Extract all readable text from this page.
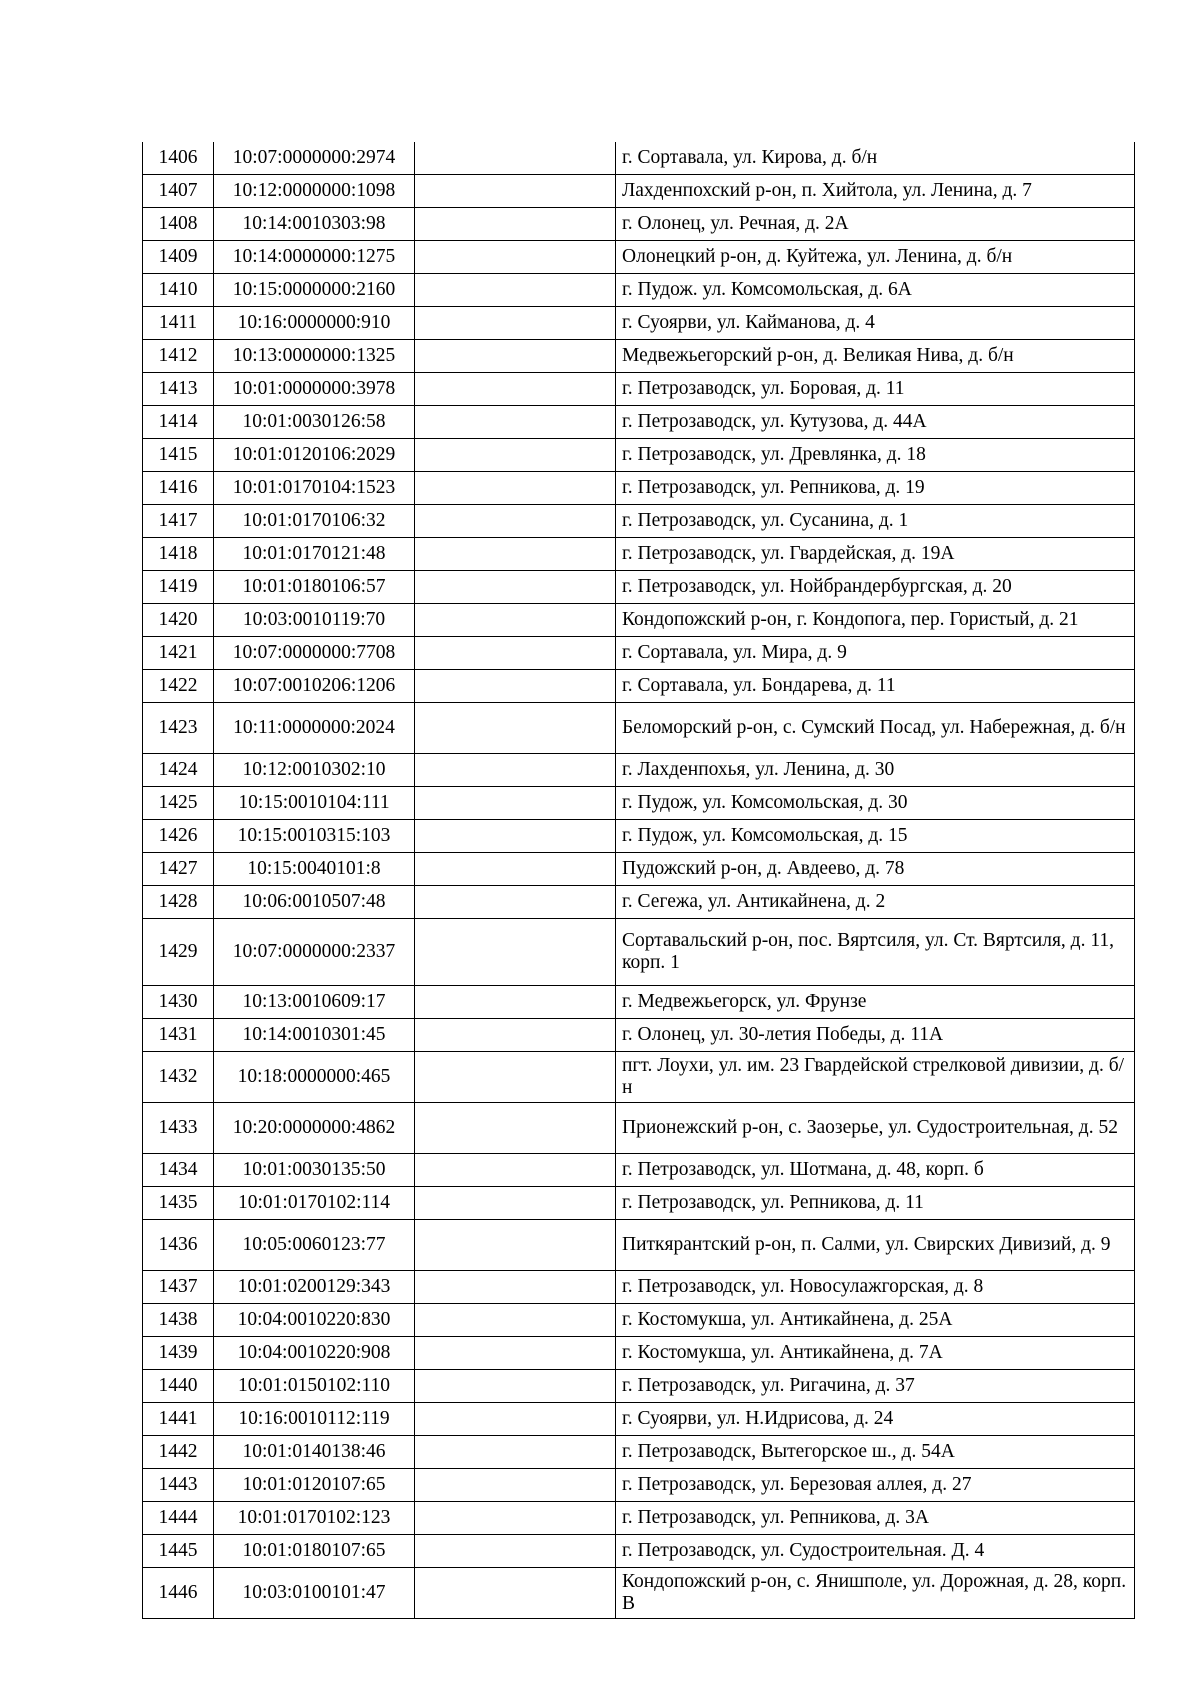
1406	10:07:0000000:2974		г. Сортавала, ул. Кирова, д. б/н
1407	10:12:0000000:1098		Лахденпохский р-он, п. Хийтола, ул. Ленина, д. 7
1408	10:14:0010303:98		г. Олонец, ул. Речная, д. 2А
1409	10:14:0000000:1275		Олонецкий р-он, д. Куйтежа, ул. Ленина, д. б/н
1410	10:15:0000000:2160		г. Пудож. ул. Комсомольская, д. 6А
1411	10:16:0000000:910		г. Суоярви, ул. Кайманова, д. 4
1412	10:13:0000000:1325		Медвежьегорский р-он, д. Великая Нива, д. б/н
1413	10:01:0000000:3978		г. Петрозаводск, ул. Боровая, д. 11
1414	10:01:0030126:58		г. Петрозаводск, ул. Кутузова, д. 44А
1415	10:01:0120106:2029		г. Петрозаводск, ул. Древлянка, д. 18
1416	10:01:0170104:1523		г. Петрозаводск, ул. Репникова, д. 19
1417	10:01:0170106:32		г. Петрозаводск, ул. Сусанина, д. 1
1418	10:01:0170121:48		г. Петрозаводск, ул. Гвардейская, д. 19А
1419	10:01:0180106:57		г. Петрозаводск, ул. Нойбрандербургская, д. 20
1420	10:03:0010119:70		Кондопожский р-он, г. Кондопога, пер. Гористый, д. 21
1421	10:07:0000000:7708		г. Сортавала, ул. Мира, д. 9
1422	10:07:0010206:1206		г. Сортавала, ул. Бондарева, д. 11
1423	10:11:0000000:2024		Беломорский р-он, с. Сумский Посад, ул. Набережная, д. б/н
1424	10:12:0010302:10		г. Лахденпохья, ул. Ленина, д. 30
1425	10:15:0010104:111		г. Пудож, ул. Комсомольская, д. 30
1426	10:15:0010315:103		г. Пудож, ул. Комсомольская, д. 15
1427	10:15:0040101:8		Пудожский р-он, д. Авдеево, д. 78
1428	10:06:0010507:48		г. Сегежа, ул. Антикайнена, д. 2
1429	10:07:0000000:2337		Сортавальский р-он, пос. Вяртсиля, ул. Ст. Вяртсиля, д. 11, корп. 1
1430	10:13:0010609:17		г. Медвежьегорск, ул. Фрунзе
1431	10:14:0010301:45		г. Олонец, ул. 30-летия Победы, д. 11А
1432	10:18:0000000:465		пгт. Лоухи, ул. им. 23 Гвардейской стрелковой дивизии, д. б/н
1433	10:20:0000000:4862		Прионежский р-он, с. Заозерье, ул. Судостроительная, д. 52
1434	10:01:0030135:50		г. Петрозаводск, ул. Шотмана, д. 48, корп. б
1435	10:01:0170102:114		г. Петрозаводск, ул. Репникова, д. 11
1436	10:05:0060123:77		Питкярантский р-он, п. Салми, ул. Свирских Дивизий, д. 9
1437	10:01:0200129:343		г. Петрозаводск, ул. Новосулажгорская, д. 8
1438	10:04:0010220:830		г. Костомукша, ул. Антикайнена, д. 25А
1439	10:04:0010220:908		г. Костомукша, ул. Антикайнена, д. 7А
1440	10:01:0150102:110		г. Петрозаводск, ул. Ригачина, д. 37
1441	10:16:0010112:119		г. Суоярви, ул. Н.Идрисова, д. 24
1442	10:01:0140138:46		г. Петрозаводск, Вытегорское ш., д. 54А
1443	10:01:0120107:65		г. Петрозаводск, ул. Березовая аллея, д. 27
1444	10:01:0170102:123		г. Петрозаводск, ул. Репникова, д. 3А
1445	10:01:0180107:65		г. Петрозаводск, ул. Судостроительная. Д. 4
1446	10:03:0100101:47		Кондопожский р-он, с. Янишполе, ул. Дорожная, д. 28, корп. В
